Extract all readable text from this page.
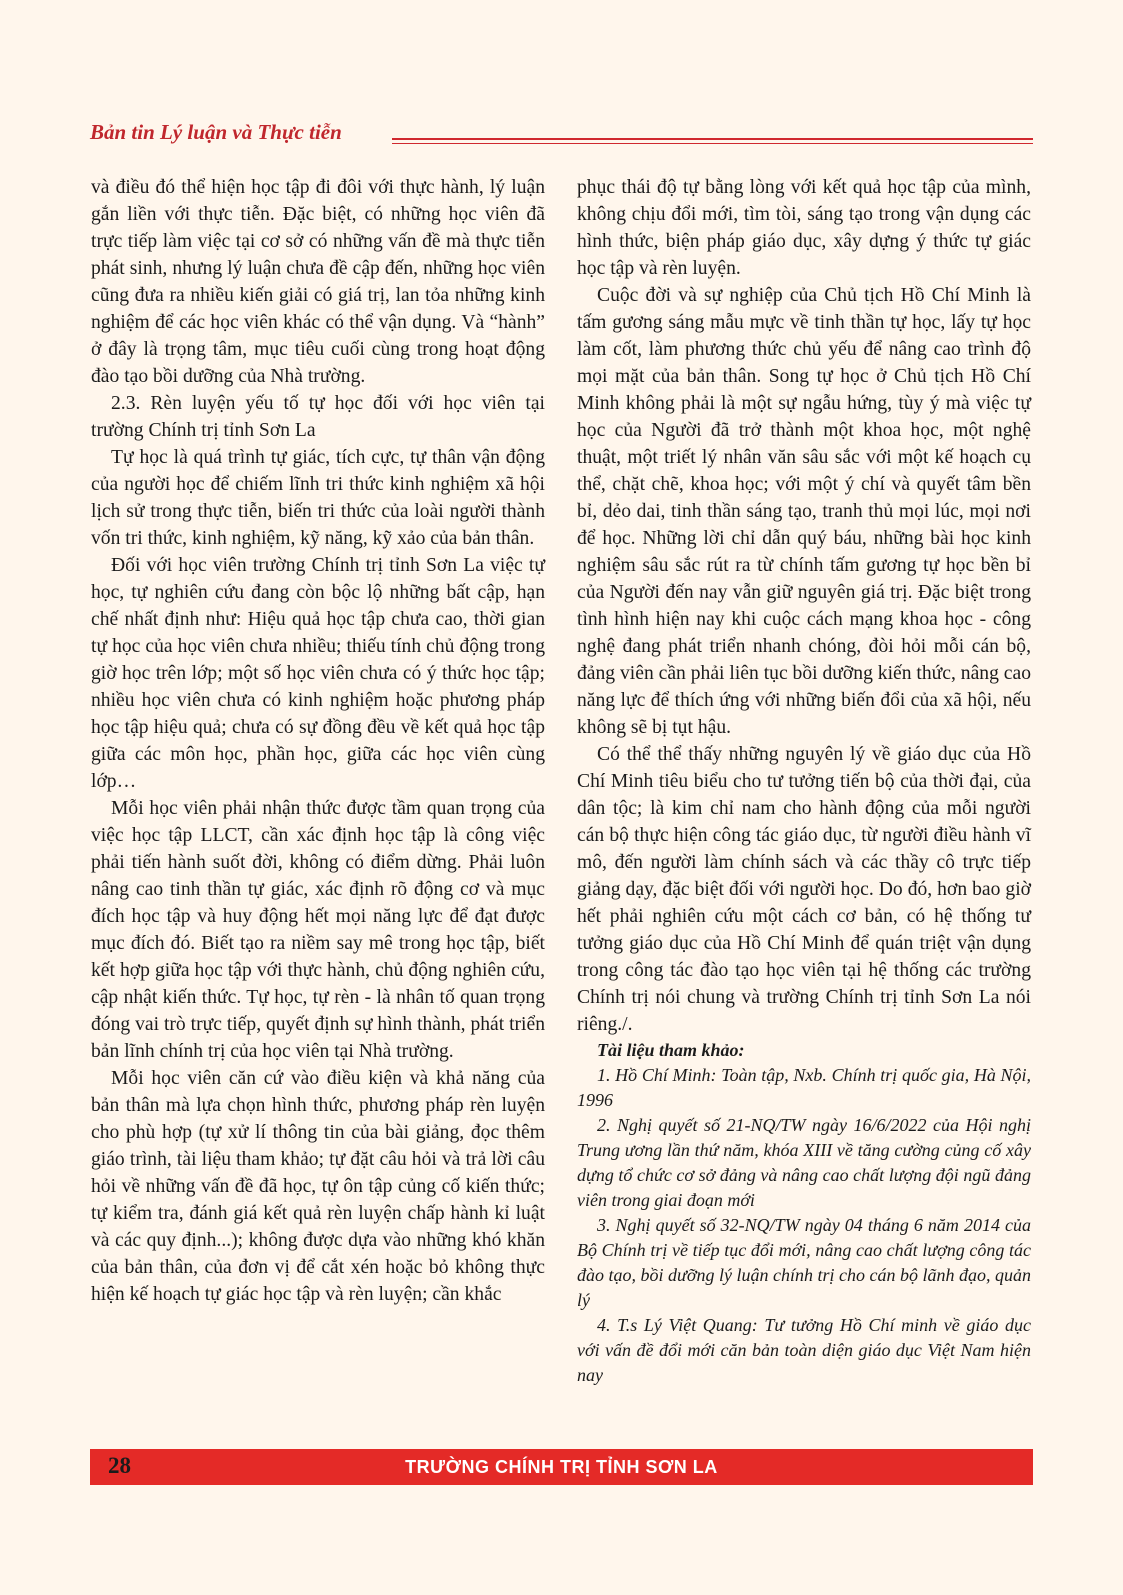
Bản tin Lý luận và Thực tiễn

và điều đó thể hiện học tập đi đôi với thực hành, lý luận gắn liền với thực tiễn. Đặc biệt, có những học viên đã trực tiếp làm việc tại cơ sở có những vấn đề mà thực tiễn phát sinh, nhưng lý luận chưa đề cập đến, những học viên cũng đưa ra nhiều kiến giải có giá trị, lan tỏa những kinh nghiệm để các học viên khác có thể vận dụng. Và “hành” ở đây là trọng tâm, mục tiêu cuối cùng trong hoạt động đào tạo bồi dưỡng của Nhà trường.

2.3. Rèn luyện yếu tố tự học đối với học viên tại trường Chính trị tỉnh Sơn La

Tự học là quá trình tự giác, tích cực, tự thân vận động của người học để chiếm lĩnh tri thức kinh nghiệm xã hội lịch sử trong thực tiễn, biến tri thức của loài người thành vốn tri thức, kinh nghiệm, kỹ năng, kỹ xảo của bản thân.

Đối với học viên trường Chính trị tỉnh Sơn La việc tự học, tự nghiên cứu đang còn bộc lộ những bất cập, hạn chế nhất định như: Hiệu quả học tập chưa cao, thời gian tự học của học viên chưa nhiều; thiếu tính chủ động trong giờ học trên lớp; một số học viên chưa có ý thức học tập; nhiều học viên chưa có kinh nghiệm hoặc phương pháp học tập hiệu quả; chưa có sự đồng đều về kết quả học tập giữa các môn học, phần học, giữa các học viên cùng lớp…

Mỗi học viên phải nhận thức được tầm quan trọng của việc học tập LLCT, cần xác định học tập là công việc phải tiến hành suốt đời, không có điểm dừng. Phải luôn nâng cao tinh thần tự giác, xác định rõ động cơ và mục đích học tập và huy động hết mọi năng lực để đạt được mục đích đó. Biết tạo ra niềm say mê trong học tập, biết kết hợp giữa học tập với thực hành, chủ động nghiên cứu, cập nhật kiến thức. Tự học, tự rèn - là nhân tố quan trọng đóng vai trò trực tiếp, quyết định sự hình thành, phát triển bản lĩnh chính trị của học viên tại Nhà trường.

Mỗi học viên căn cứ vào điều kiện và khả năng của bản thân mà lựa chọn hình thức, phương pháp rèn luyện cho phù hợp (tự xử lí thông tin của bài giảng, đọc thêm giáo trình, tài liệu tham khảo; tự đặt câu hỏi và trả lời câu hỏi về những vấn đề đã học, tự ôn tập củng cố kiến thức; tự kiểm tra, đánh giá kết quả rèn luyện chấp hành kỉ luật và các quy định...); không được dựa vào những khó khăn của bản thân, của đơn vị để cắt xén hoặc bỏ không thực hiện kế hoạch tự giác học tập và rèn luyện; cần khắc

phục thái độ tự bằng lòng với kết quả học tập của mình, không chịu đổi mới, tìm tòi, sáng tạo trong vận dụng các hình thức, biện pháp giáo dục, xây dựng ý thức tự giác học tập và rèn luyện.

Cuộc đời và sự nghiệp của Chủ tịch Hồ Chí Minh là tấm gương sáng mẫu mực về tinh thần tự học, lấy tự học làm cốt, làm phương thức chủ yếu để nâng cao trình độ mọi mặt của bản thân. Song tự học ở Chủ tịch Hồ Chí Minh không phải là một sự ngẫu hứng, tùy ý mà việc tự học của Người đã trở thành một khoa học, một nghệ thuật, một triết lý nhân văn sâu sắc với một kế hoạch cụ thể, chặt chẽ, khoa học; với một ý chí và quyết tâm bền bỉ, dẻo dai, tinh thần sáng tạo, tranh thủ mọi lúc, mọi nơi để học. Những lời chỉ dẫn quý báu, những bài học kinh nghiệm sâu sắc rút ra từ chính tấm gương tự học bền bỉ của Người đến nay vẫn giữ nguyên giá trị. Đặc biệt trong tình hình hiện nay khi cuộc cách mạng khoa học - công nghệ đang phát triển nhanh chóng, đòi hỏi mỗi cán bộ, đảng viên cần phải liên tục bồi dưỡng kiến thức, nâng cao năng lực để thích ứng với những biến đổi của xã hội, nếu không sẽ bị tụt hậu.

Có thể thể thấy những nguyên lý về giáo dục của Hồ Chí Minh tiêu biểu cho tư tưởng tiến bộ của thời đại, của dân tộc; là kim chỉ nam cho hành động của mỗi người cán bộ thực hiện công tác giáo dục, từ người điều hành vĩ mô, đến người làm chính sách và các thầy cô trực tiếp giảng dạy, đặc biệt đối với người học. Do đó, hơn bao giờ hết phải nghiên cứu một cách cơ bản, có hệ thống tư tưởng giáo dục của Hồ Chí Minh để quán triệt vận dụng trong công tác đào tạo học viên tại hệ thống các trường Chính trị nói chung và trường Chính trị tỉnh Sơn La nói riêng./.

Tài liệu tham khảo:

1. Hồ Chí Minh: Toàn tập, Nxb. Chính trị quốc gia, Hà Nội, 1996

2. Nghị quyết số 21-NQ/TW ngày 16/6/2022 của Hội nghị Trung ương lần thứ năm, khóa XIII về tăng cường củng cố xây dựng tổ chức cơ sở đảng và nâng cao chất lượng đội ngũ đảng viên trong giai đoạn mới

3. Nghị quyết số 32-NQ/TW ngày 04 tháng 6 năm 2014 của Bộ Chính trị về tiếp tục đổi mới, nâng cao chất lượng công tác đào tạo, bồi dưỡng lý luận chính trị cho cán bộ lãnh đạo, quản lý

4. T.s Lý Việt Quang: Tư tưởng Hồ Chí minh về giáo dục với vấn đề đổi mới căn bản toàn diện giáo dục Việt Nam hiện nay

28	TRƯỜNG CHÍNH TRỊ TỈNH SƠN LA
